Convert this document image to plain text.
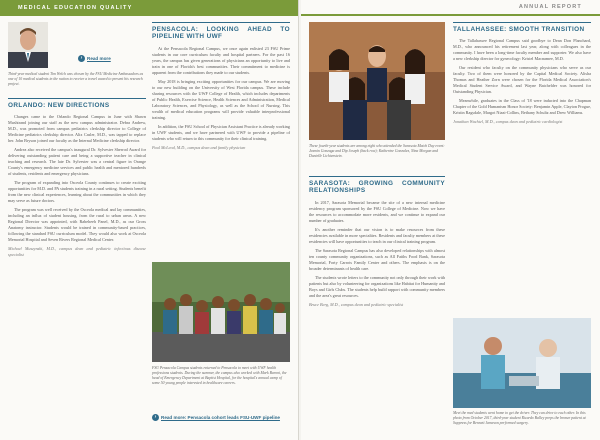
MEDICAL EDUCATION QUALITY
›	Read more
Third-year medical student Tim Welch was chosen by the FSU Medicine Ambassadors as one of 10 medical students in the nation to receive a travel award to present his research project.
ORLANDO: NEW DIRECTIONS

Changes came to the Orlando Regional Campus in June with Shawn Mushtrand joining our staff as the new campus administrator. Debra Andrew, M.D., was promoted from campus pediatrics clerkship director to College of Medicine pediatrics clerkship director. Alix Casler, M.D., was tapped to replace her. John Bryson joined our faculty as the Internal Medicine clerkship director.

Andrea also received the campus's inaugural Dr. Sylvester Sherrod Award for delivering outstanding patient care and being a supportive teacher in clinical teaching and research. The late Dr. Sylvester was a central figure in Orange County's emergency medicine services and public health and mentored hundreds of students, residents and emergency physicians.

The program of expanding into Osceola County continues to create exciting opportunities for M.D. and PA students training in a rural setting. Students benefit from the new clinical experiences, learning about the communities in which they may serve as future doctors.

The program was well received by the Osceola medical and lay communities, including an influx of student housing, from the rural to urban areas. A new Regional Director was appointed, with Rabeheeh Panel, M.D., as our Gross Anatomy instructor. Students would be trained in community-based practices, following the standard FSU curriculum model. They would also work at Osceola Memorial Hospital and Seven Rivers Regional Medical Center.

Michael Muszynski, M.D., campus dean and pediatric infectious disease specialist

PENSACOLA: LOOKING AHEAD TO PIPELINE WITH UWF

At the Pensacola Regional Campus, we once again enlisted 23 FSU Prime students in our core curriculum faculty and hospital partners. For the past 16 years, the campus has given generations of physicians an opportunity to live and train in one of Florida's best communities. Their commitment to medicine is apparent from the contributions they made to our students.

May 2018 is bringing exciting opportunities for our campus. We are moving to our new building on the University of West Florida campus. These include sharing resources with the UWF College of Health, which includes departments of Public Health, Exercise Science, Health Sciences and Administration, Medical Laboratory Sciences, and Physiology, as well as the School of Nursing. This wealth of medical education programs will provide valuable interprofessional training.

In addition, the FSU School of Physician Assistant Practice is already working in UWF students, and we have partnered with UWF to provide a pipeline of students who will return to this community for their clinical training.

Paul McLeod, M.D., campus dean and family physician

FSU Pensacola Campus students returned to Pensacola to meet with UWF health professions students. During the summer, the campus also worked with Mark Baroni, the head of Emergency Department at Baptist Hospital, for the hospital's annual camp of some 50 young people interested in healthcare careers.
›	Read more: Pensacola cohort leads FSU-UWF pipeline
ANNUAL REPORT
These fourth-year students are among eight who attended the Sarasota Match Day event: Jasmin Gonzaga and Dip Joseph (back row); Katherine Gonzalez, Nina Morgan and Danielle Lichtenstein.
SARASOTA: GROWING COMMUNITY RELATIONSHIPS

In 2017, Sarasota Memorial became the site of a new internal medicine residency program sponsored by the FSU College of Medicine. Now we have the resources to accommodate more residents, and we continue to expand our number of graduates.

It's another reminder that our vision is to make resources from these residencies available in more specialties. Residents and faculty members at these residencies will have opportunities to teach in our clinical training program.

The Sarasota Regional Campus has also developed relationships with almost ten county community organizations, such as All Faiths Food Bank, Sarasota Memorial, Forty Carrots Family Center and others. The emphasis is on the broader determinants of health care.

The students wrote letters to the community not only through their work with patients but also by volunteering for organizations like Habitat for Humanity and Boys and Girls Clubs. The students help build rapport with community members and the area's great resources.

Bruce Berg, M.D., campus dean and pediatric specialist

TALLAHASSEE: SMOOTH TRANSITION

The Tallahassee Regional Campus said goodbye to Dean Don Planchard, M.D., who announced his retirement last year, along with colleagues in the community. I have been a long-time faculty member and supporter. We also have a new clerkship director for gynecology: Kristel Macnamee, M.D.

Our resident who faculty on the community physicians who serve as our faculty. Two of them were honored by the Capital Medical Society. Alisha Thomas and Heather Zorn were chosen for the Florida Medical Association's Medical Student Service Award, and Wayne Batchelder was honored for Outstanding Physician.

Meanwhile, graduates in the Class of '18 were inducted into the Chapman Chapter of the Gold Humanism Honor Society: Benjamin Apple, Clayton Progue, Kristin Ragsdale, Margot Niazi-Collins, Bethany Schultz and Drew Williams.

Jonathan Wachtel, M.D., campus dean and pediatric cardiologist

Meet the med students went home to get the driver. They can drive to each other. In this photo from October 2017, third-year student Ricardo Balley preps the bronze patient at Suppress for Bennett Jameson performed surgery.
